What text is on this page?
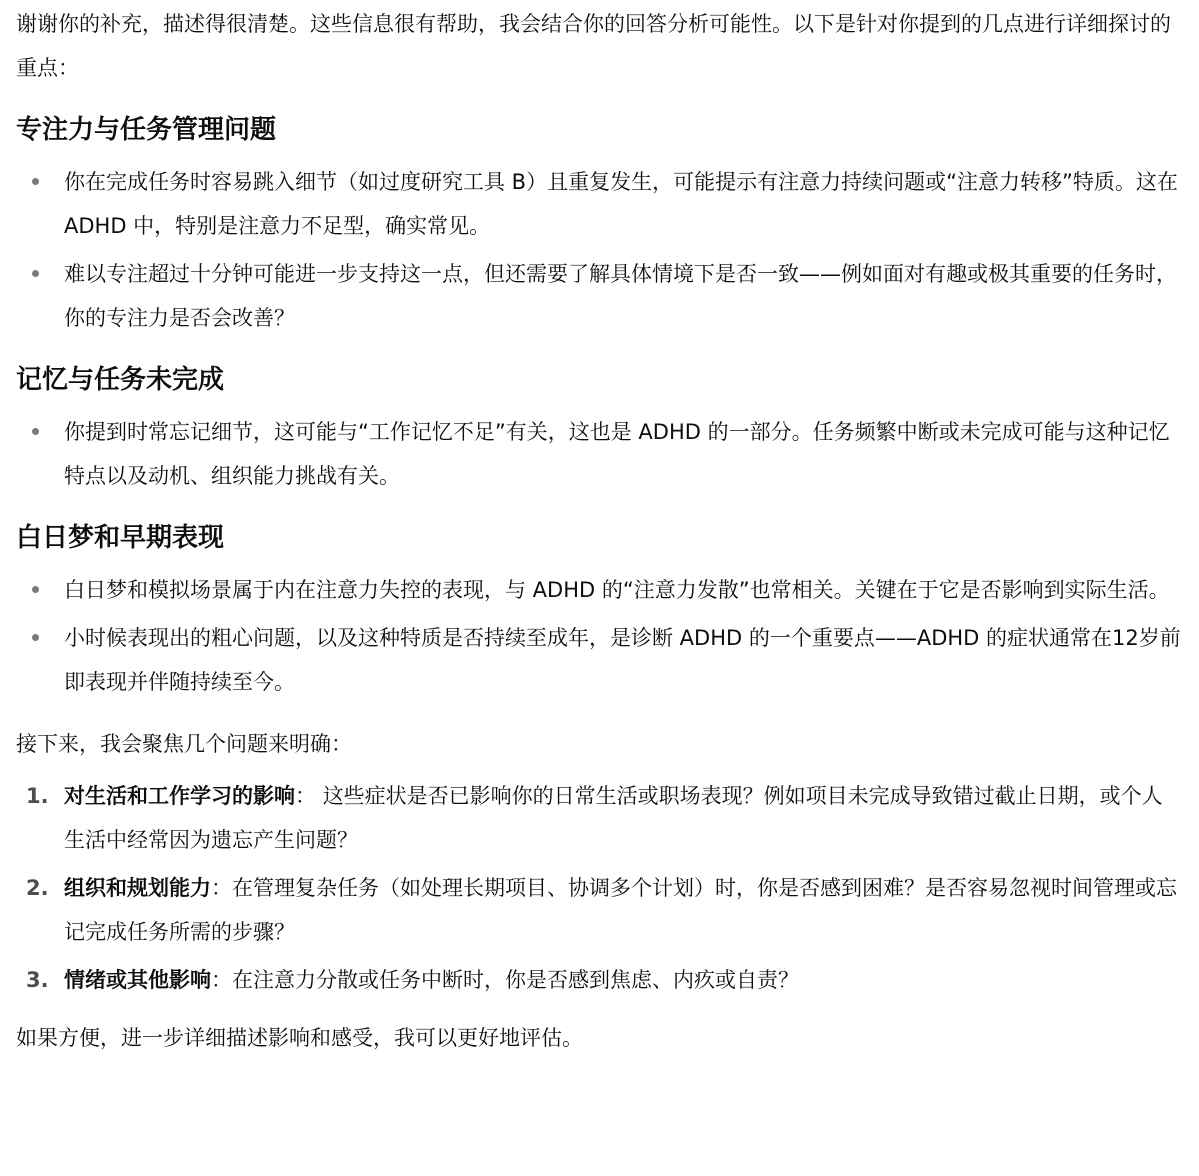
谢谢你的补充，描述得很清楚。这些信息很有帮助，我会结合你的回答分析可能性。以下是针对你提到的几点进行详细探讨的重点：

专注力与任务管理问题
你在完成任务时容易跳入细节（如过度研究工具 B）且重复发生，可能提示有注意力持续问题或“注意力转移”特质。这在 ADHD 中，特别是注意力不足型，确实常见。
难以专注超过十分钟可能进一步支持这一点，但还需要了解具体情境下是否一致——例如面对有趣或极其重要的任务时，你的专注力是否会改善？
记忆与任务未完成
你提到时常忘记细节，这可能与“工作记忆不足”有关，这也是 ADHD 的一部分。任务频繁中断或未完成可能与这种记忆特点以及动机、组织能力挑战有关。
白日梦和早期表现
白日梦和模拟场景属于内在注意力失控的表现，与 ADHD 的“注意力发散”也常相关。关键在于它是否影响到实际生活。
小时候表现出的粗心问题，以及这种特质是否持续至成年，是诊断 ADHD 的一个重要点——ADHD 的症状通常在12岁前即表现并伴随持续至今。

接下来，我会聚焦几个问题来明确：

1. 对生活和工作学习的影响： 这些症状是否已影响你的日常生活或职场表现？例如项目未完成导致错过截止日期，或个人生活中经常因为遗忘产生问题？
2. 组织和规划能力：在管理复杂任务（如处理长期项目、协调多个计划）时，你是否感到困难？是否容易忽视时间管理或忘记完成任务所需的步骤？
3. 情绪或其他影响：在注意力分散或任务中断时，你是否感到焦虑、内疚或自责？

如果方便，进一步详细描述影响和感受，我可以更好地评估。
